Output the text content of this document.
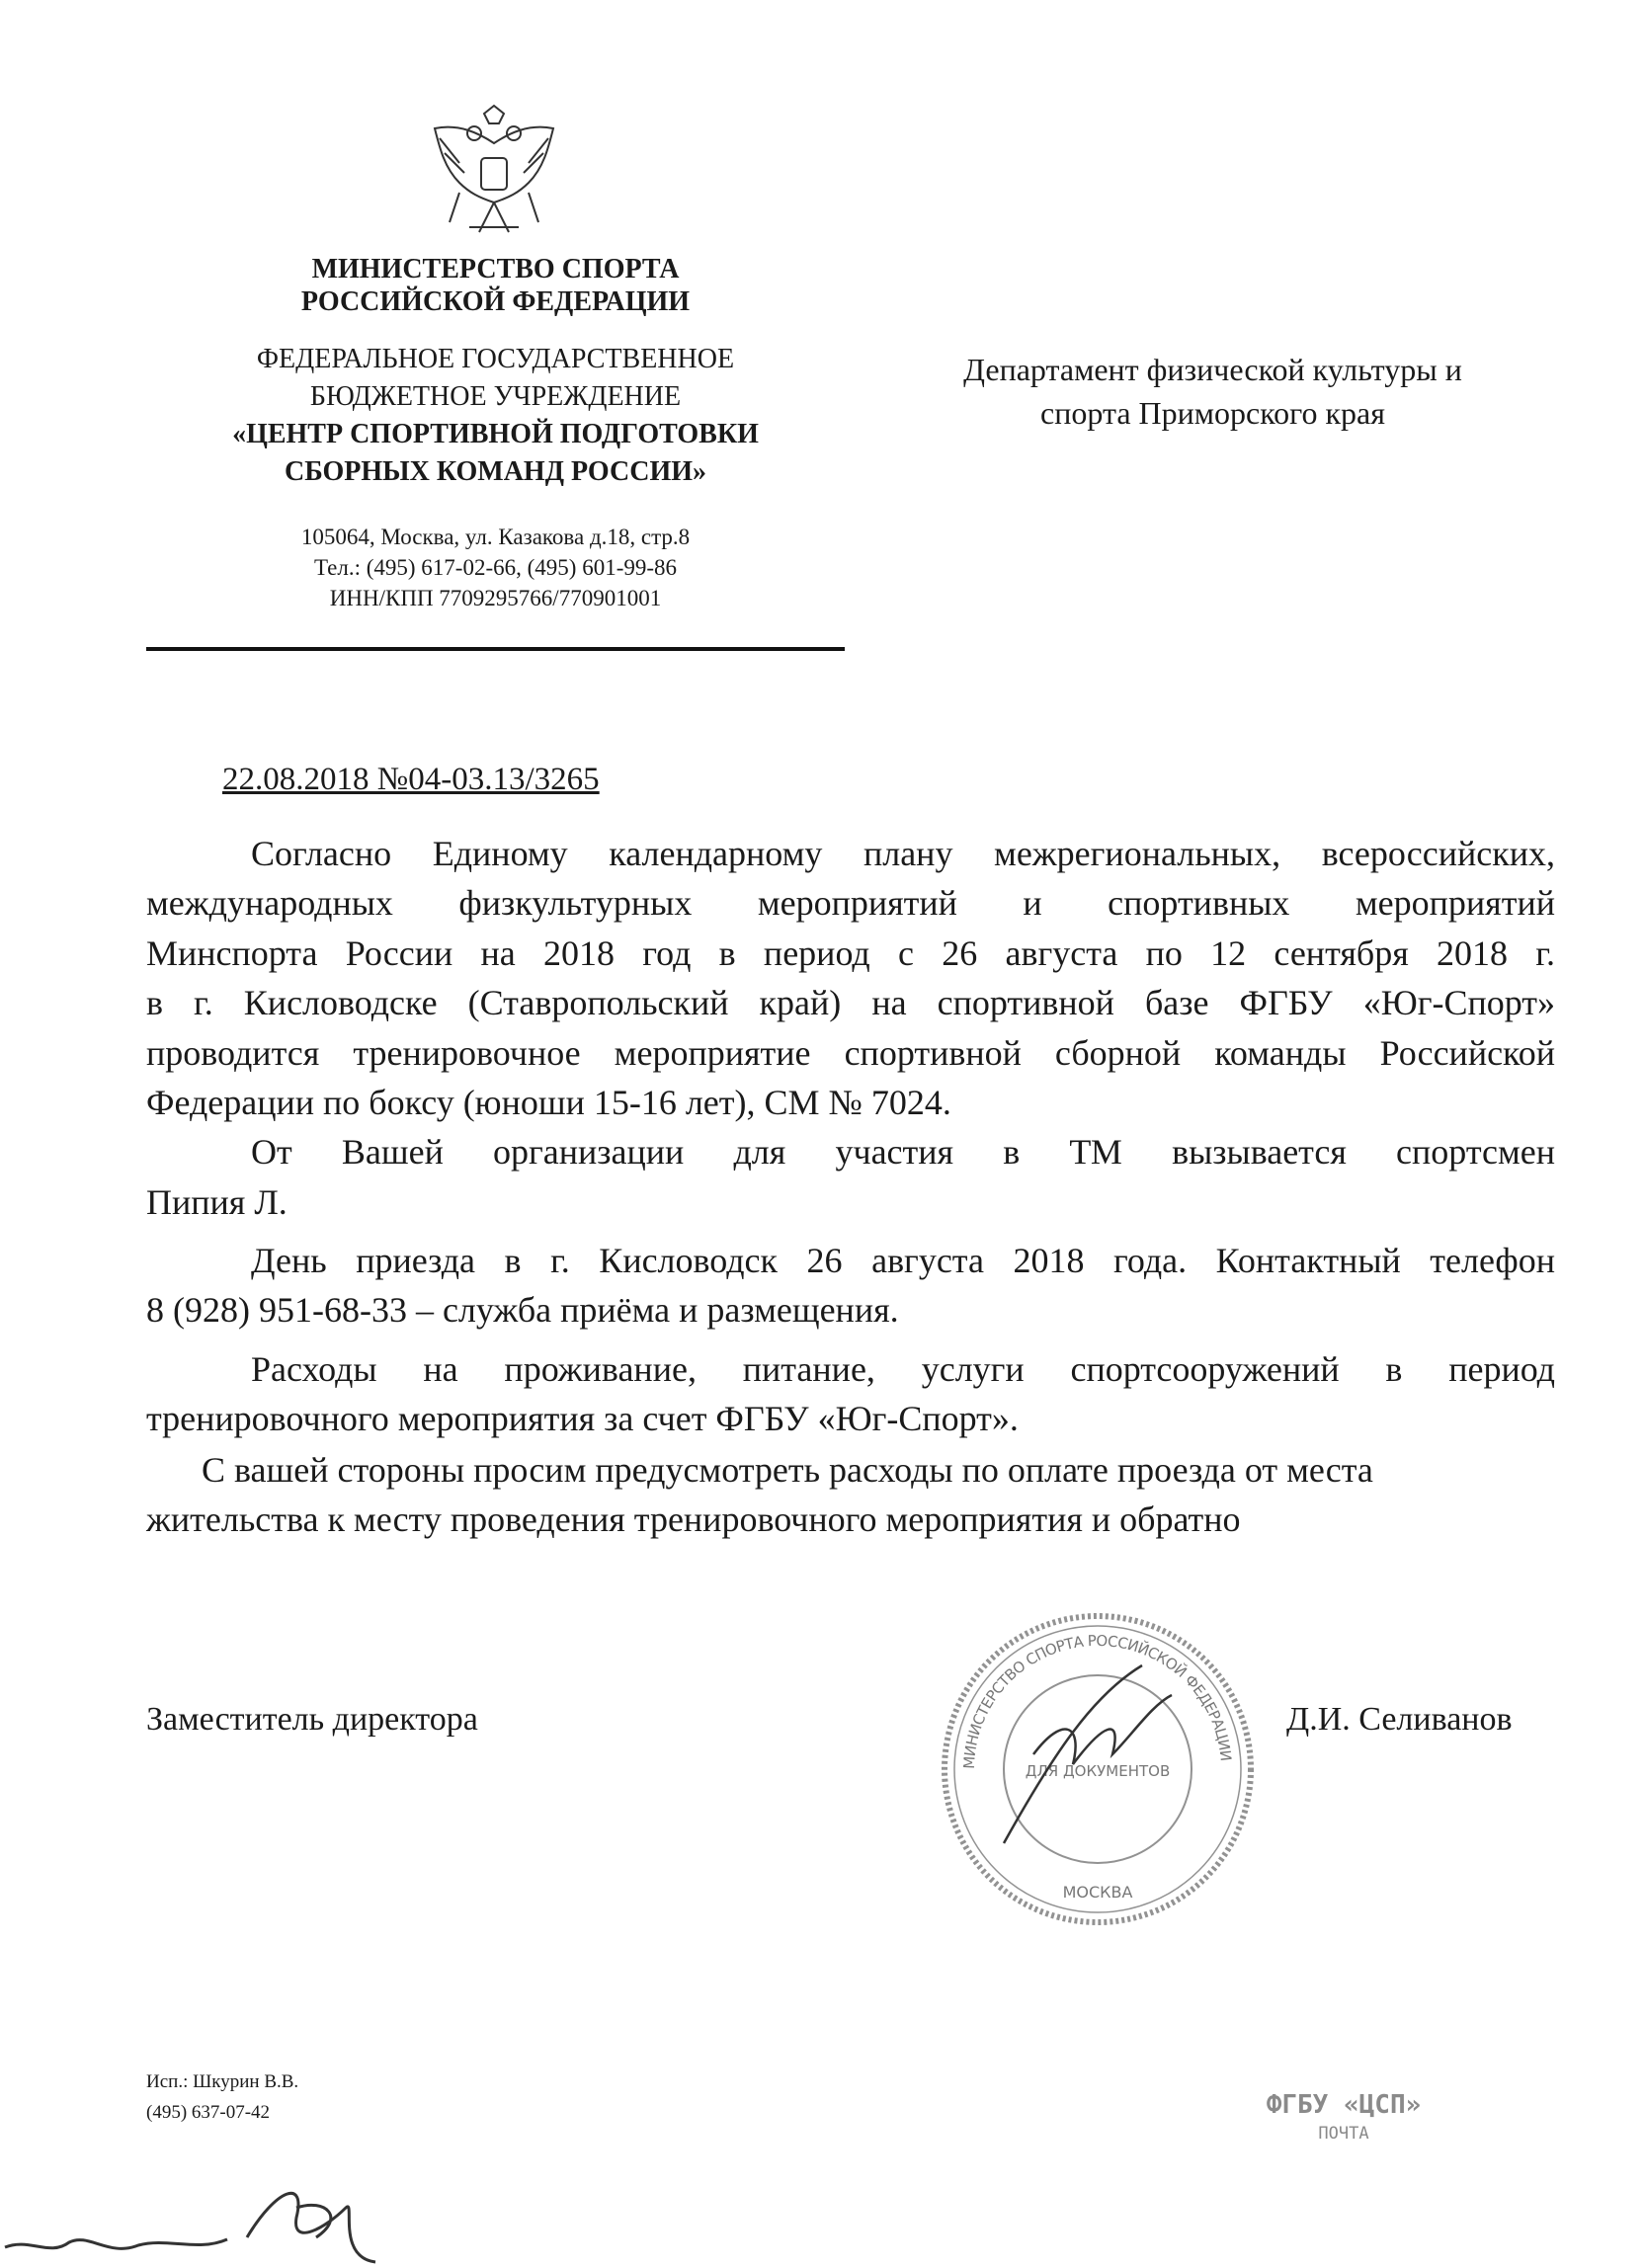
МИНИСТЕРСТВО СПОРТА
РОССИЙСКОЙ ФЕДЕРАЦИИ
ФЕДЕРАЛЬНОЕ ГОСУДАРСТВЕННОЕ
БЮДЖЕТНОЕ УЧРЕЖДЕНИЕ
«ЦЕНТР СПОРТИВНОЙ ПОДГОТОВКИ
СБОРНЫХ КОМАНД РОССИИ»
105064, Москва, ул. Казакова д.18, стр.8
Тел.: (495) 617-02-66, (495) 601-99-86
ИНН/КПП 7709295766/770901001
Департамент физической культуры и
спорта Приморского края
22.08.2018 №04-03.13/3265
Согласно Единому календарному плану межрегиональных, всероссийских,
международных физкультурных мероприятий и спортивных мероприятий
Минспорта России на 2018 год в период с 26 августа по 12 сентября 2018 г.
в г. Кисловодске (Ставропольский край) на спортивной базе ФГБУ «Юг-Спорт»
проводится тренировочное мероприятие спортивной сборной команды Российской
Федерации по боксу (юноши 15-16 лет), СМ № 7024.
От Вашей организации для участия в ТМ вызывается спортсмен
Пипия Л.
День приезда в г. Кисловодск 26 августа 2018 года. Контактный телефон
8 (928) 951-68-33 – служба приёма и размещения.
Расходы на проживание, питание, услуги спортсооружений в период
тренировочного мероприятия за счет ФГБУ «Юг-Спорт».
С вашей стороны просим предусмотреть расходы по оплате проезда от места
жительства к месту проведения тренировочного мероприятия и обратно
Заместитель директора	Д.И. Селиванов
МИНИСТЕРСТВО СПОРТА РОССИЙСКОЙ ФЕДЕРАЦИИ
ДЛЯ ДОКУМЕНТОВ
МОСКВА
Исп.: Шкурин В.В.
(495) 637-07-42	ФГБУ «ЦСП»
ПОЧТА
